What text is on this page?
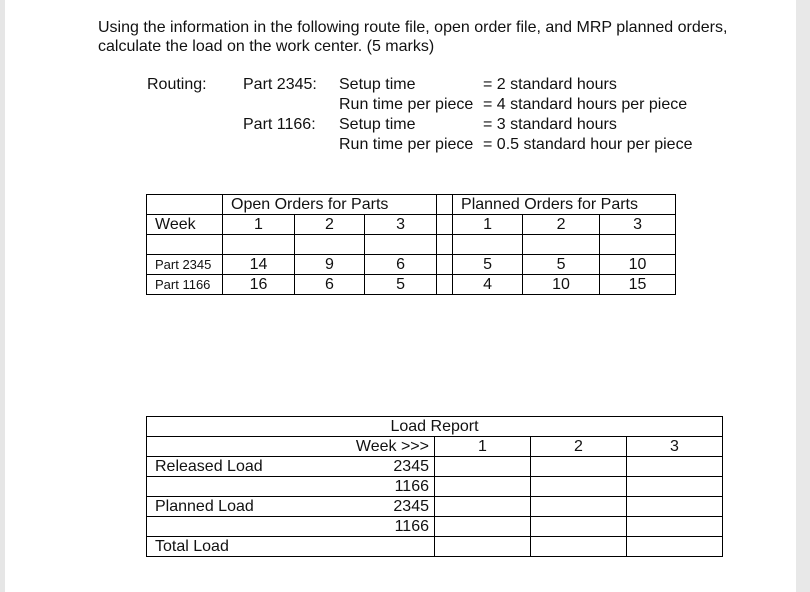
Using the information in the following route file, open order file, and MRP planned orders,
calculate the load on the work center. (5 marks)
Routing: Part 2345: Setup time	= 2 standard hours
Run time per piece = 4 standard hours per piece
Part 1166: Setup time	= 3 standard hours
Run time per piece = 0.5 standard hour per piece
	Open Orders for Parts				Planned Orders for Parts		
Week	1	2	3		1	2	3

Part 2345	14	9	6		5	5	10
Part 1166	16	6	5		4	10	15
Load Report				
	Week >>>	1	2	3
Released Load	2345			
	1166			
Planned Load	2345			
	1166			
Total Load				
